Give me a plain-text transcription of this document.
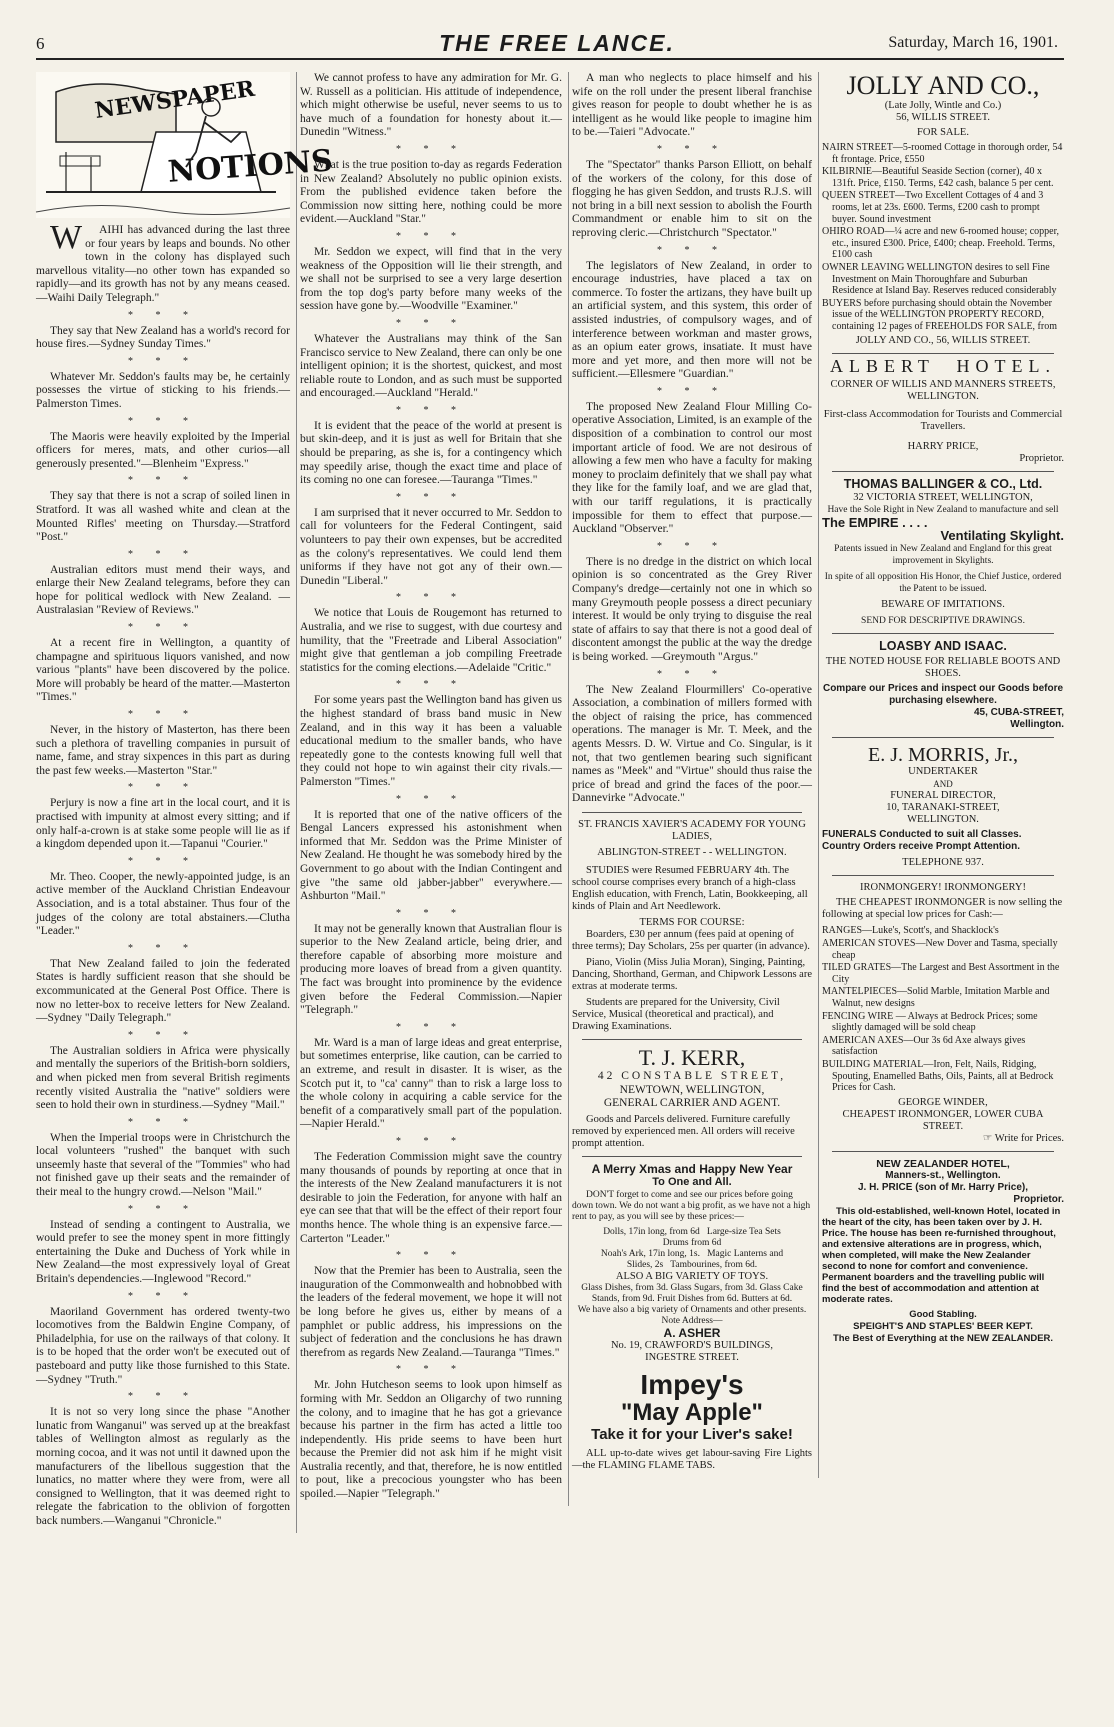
6	THE FREE LANCE.	Saturday, March 16, 1901.
NEWSPAPER
NOTIONS

WAIHI has advanced during the last three or four years by leaps and bounds. No other town in the colony has displayed such marvellous vitality—no other town has expanded so rapidly—and its growth has not by any means ceased.—Waihi Daily Telegraph."

* * *

They say that New Zealand has a world's record for house fires.—Sydney Sunday Times."

* * *

Whatever Mr. Seddon's faults may be, he certainly possesses the virtue of sticking to his friends.—Palmerston Times.

* * *

The Maoris were heavily exploited by the Imperial officers for meres, mats, and other curios—all generously presented."—Blenheim "Express."

* * *

They say that there is not a scrap of soiled linen in Stratford. It was all washed white and clean at the Mounted Rifles' meeting on Thursday.—Stratford "Post."

* * *

Australian editors must mend their ways, and enlarge their New Zealand telegrams, before they can hope for political wedlock with New Zealand. —Australasian "Review of Reviews."

* * *

At a recent fire in Wellington, a quantity of champagne and spirituous liquors vanished, and now various "plants" have been discovered by the police. More will probably be heard of the matter.—Masterton "Times."

* * *

Never, in the history of Masterton, has there been such a plethora of travelling companies in pursuit of name, fame, and stray sixpences in this part as during the past few weeks.—Masterton "Star."

* * *

Perjury is now a fine art in the local court, and it is practised with impunity at almost every sitting; and if only half-a-crown is at stake some people will lie as if a kingdom depended upon it.—Tapanui "Courier."

* * *

Mr. Theo. Cooper, the newly-appointed judge, is an active member of the Auckland Christian Endeavour Association, and is a total abstainer. Thus four of the judges of the colony are total abstainers.—Clutha "Leader."

* * *

That New Zealand failed to join the federated States is hardly sufficient reason that she should be excommunicated at the General Post Office. There is now no letter-box to receive letters for New Zealand.—Sydney "Daily Telegraph."

* * *

The Australian soldiers in Africa were physically and mentally the superiors of the British-born soldiers, and when picked men from several British regiments recently visited Australia the "native" soldiers were seen to hold their own in sturdiness.—Sydney "Mail."

* * *

When the Imperial troops were in Christchurch the local volunteers "rushed" the banquet with such unseemly haste that several of the "Tommies" who had not finished gave up their seats and the remainder of their meal to the hungry crowd.—Nelson "Mail."

* * *

Instead of sending a contingent to Australia, we would prefer to see the money spent in more fittingly entertaining the Duke and Duchess of York while in New Zealand—the most expressively loyal of Great Britain's dependencies.—Inglewood "Record."

* * *

Maoriland Government has ordered twenty-two locomotives from the Baldwin Engine Company, of Philadelphia, for use on the railways of that colony. It is to be hoped that the order won't be executed out of pasteboard and putty like those furnished to this State.—Sydney "Truth."

* * *

It is not so very long since the phase "Another lunatic from Wanganui" was served up at the breakfast tables of Wellington almost as regularly as the morning cocoa, and it was not until it dawned upon the manufacturers of the libellous suggestion that the lunatics, no matter where they were from, were all consigned to Wellington, that it was deemed right to relegate the fabrication to the oblivion of forgotten back numbers.—Wanganui "Chronicle."

We cannot profess to have any admiration for Mr. G. W. Russell as a politician. His attitude of independence, which might otherwise be useful, never seems to us to have much of a foundation for honesty about it.—Dunedin "Witness."

* * *

What is the true position to-day as regards Federation in New Zealand? Absolutely no public opinion exists. From the published evidence taken before the Commission now sitting here, nothing could be more evident.—Auckland "Star."

* * *

Mr. Seddon we expect, will find that in the very weakness of the Opposition will lie their strength, and we shall not be surprised to see a very large desertion from the top dog's party before many weeks of the session have gone by.—Woodville "Examiner."

* * *

Whatever the Australians may think of the San Francisco service to New Zealand, there can only be one intelligent opinion; it is the shortest, quickest, and most reliable route to London, and as such must be supported and encouraged.—Auckland "Herald."

* * *

It is evident that the peace of the world at present is but skin-deep, and it is just as well for Britain that she should be preparing, as she is, for a contingency which may speedily arise, though the exact time and place of its coming no one can foresee.—Tauranga "Times."

* * *

I am surprised that it never occurred to Mr. Seddon to call for volunteers for the Federal Contingent, said volunteers to pay their own expenses, but be accredited as the colony's representatives. We could lend them uniforms if they have not got any of their own.—Dunedin "Liberal."

* * *

We notice that Louis de Rougemont has returned to Australia, and we rise to suggest, with due courtesy and humility, that the "Freetrade and Liberal Association" might give that gentleman a job compiling Freetrade statistics for the coming elections.—Adelaide "Critic."

* * *

For some years past the Wellington band has given us the highest standard of brass band music in New Zealand, and in this way it has been a valuable educational medium to the smaller bands, who have repeatedly gone to the contests knowing full well that they could not hope to win against their city rivals.—Palmerston "Times."

* * *

It is reported that one of the native officers of the Bengal Lancers expressed his astonishment when informed that Mr. Seddon was the Prime Minister of New Zealand. He thought he was somebody hired by the Government to go about with the Indian Contingent and give "the same old jabber-jabber" everywhere.—Ashburton "Mail."

* * *

It may not be generally known that Australian flour is superior to the New Zealand article, being drier, and therefore capable of absorbing more moisture and producing more loaves of bread from a given quantity. The fact was brought into prominence by the evidence given before the Federal Commission.—Napier "Telegraph."

* * *

Mr. Ward is a man of large ideas and great enterprise, but sometimes enterprise, like caution, can be carried to an extreme, and result in disaster. It is wiser, as the Scotch put it, to "ca' canny" than to risk a large loss to the whole colony in acquiring a cable service for the benefit of a comparatively small part of the population.—Napier Herald."

* * *

The Federation Commission might save the country many thousands of pounds by reporting at once that in the interests of the New Zealand manufacturers it is not desirable to join the Federation, for anyone with half an eye can see that that will be the effect of their report four months hence. The whole thing is an expensive farce.—Carterton "Leader."

* * *

Now that the Premier has been to Australia, seen the inauguration of the Commonwealth and hobnobbed with the leaders of the federal movement, we hope it will not be long before he gives us, either by means of a pamphlet or public address, his impressions on the subject of federation and the conclusions he has drawn therefrom as regards New Zealand.—Tauranga "Times."

* * *

Mr. John Hutcheson seems to look upon himself as forming with Mr. Seddon an Oligarchy of two running the colony, and to imagine that he has got a grievance because his partner in the firm has acted a little too independently. His pride seems to have been hurt because the Premier did not ask him if he might visit Australia recently, and that, therefore, he is now entitled to pout, like a precocious youngster who has been spoiled.—Napier "Telegraph."

A man who neglects to place himself and his wife on the roll under the present liberal franchise gives reason for people to doubt whether he is as intelligent as he would like people to imagine him to be.—Taieri "Advocate."

* * *

The "Spectator" thanks Parson Elliott, on behalf of the workers of the colony, for this dose of flogging he has given Seddon, and trusts R.J.S. will not bring in a bill next session to abolish the Fourth Commandment or enable him to sit on the reproving cleric.—Christchurch "Spectator."

* * *

The legislators of New Zealand, in order to encourage industries, have placed a tax on commerce. To foster the artizans, they have built up an artificial system, and this system, this order of assisted industries, of compulsory wages, and of interference between workman and master grows, as an opium eater grows, insatiate. It must have more and yet more, and then more will not be sufficient.—Ellesmere "Guardian."

* * *

The proposed New Zealand Flour Milling Co-operative Association, Limited, is an example of the disposition of a combination to control our most important article of food. We are not desirous of allowing a few men who have a faculty for making money to proclaim definitely that we shall pay what they like for the family loaf, and we are glad that, with our tariff regulations, it is practically impossible for them to effect that purpose.—Auckland "Observer."

* * *

There is no dredge in the district on which local opinion is so concentrated as the Grey River Company's dredge—certainly not one in which so many Greymouth people possess a direct pecuniary interest. It would be only trying to disguise the real state of affairs to say that there is not a good deal of discontent amongst the public at the way the dredge is being worked. —Greymouth "Argus."

* * *

The New Zealand Flourmillers' Co-operative Association, a combination of millers formed with the object of raising the price, has commenced operations. The manager is Mr. T. Meek, and the agents Messrs. D. W. Virtue and Co. Singular, is it not, that two gentlemen bearing such significant names as "Meek" and "Virtue" should thus raise the price of bread and grind the faces of the poor.—Dannevirke "Advocate."

ST. FRANCIS XAVIER'S ACADEMY FOR YOUNG LADIES,
ABLINGTON-STREET - - WELLINGTON.

STUDIES were Resumed FEBRUARY 4th. The school course comprises every branch of a high-class English education, with French, Latin, Bookkeeping, all kinds of Plain and Art Needlework.

TERMS FOR COURSE:

Boarders, £30 per annum (fees paid at opening of three terms); Day Scholars, 25s per quarter (in advance).

Piano, Violin (Miss Julia Moran), Singing, Painting, Dancing, Shorthand, German, and Chipwork Lessons are extras at moderate terms.

Students are prepared for the University, Civil Service, Musical (theoretical and practical), and Drawing Examinations.

T. J. KERR,
42 CONSTABLE STREET,
NEWTOWN, WELLINGTON,
GENERAL CARRIER AND AGENT.

Goods and Parcels delivered. Furniture carefully removed by experienced men. All orders will receive prompt attention.

A Merry Xmas and Happy New Year
To One and All.

DON'T forget to come and see our prices before going down town. We do not want a big profit, as we have not a high rent to pay, as you will see by these prices:—

Dolls, 17in long, from 6d Large-size Tea Sets
Drums from 6d
Noah's Ark, 17in long, 1s. Magic Lanterns and
Slides, 2s Tambourines, from 6d.
ALSO A BIG VARIETY OF TOYS.
Glass Dishes, from 3d. Glass Sugars, from 3d. Glass Cake Stands, from 9d. Fruit Dishes from 6d. Butters at 6d.
We have also a big variety of Ornaments and other presents. Note Address—
A. ASHER
No. 19, CRAWFORD'S BUILDINGS,
INGESTRE STREET.
Impey's
"May Apple"
Take it for your Liver's sake!

ALL up-to-date wives get labour-saving Fire Lights—the FLAMING FLAME TABS.

JOLLY AND CO.,
(Late Jolly, Wintle and Co.)
56, WILLIS STREET.
FOR SALE.
NAIRN STREET—5-roomed Cottage in thorough order, 54 ft frontage. Price, £550
KILBIRNIE—Beautiful Seaside Section (corner), 40 x 131ft. Price, £150. Terms, £42 cash, balance 5 per cent.
QUEEN STREET—Two Excellent Cottages of 4 and 3 rooms, let at 23s. £600. Terms, £200 cash to prompt buyer. Sound investment
OHIRO ROAD—¼ acre and new 6-roomed house; copper, etc., insured £300. Price, £400; cheap. Freehold. Terms, £100 cash
OWNER LEAVING WELLINGTON desires to sell Fine Investment on Main Thoroughfare and Suburban Residence at Island Bay. Reserves reduced considerably
BUYERS before purchasing should obtain the November issue of the WELLINGTON PROPERTY RECORD, containing 12 pages of FREEHOLDS FOR SALE, from
JOLLY AND CO., 56, WILLIS STREET.
ALBERT HOTEL.
CORNER OF WILLIS AND MANNERS STREETS, WELLINGTON.
First-class Accommodation for Tourists and Commercial Travellers.
HARRY PRICE,
Proprietor.
THOMAS BALLINGER & CO., Ltd.
32 VICTORIA STREET, WELLINGTON,
Have the Sole Right in New Zealand to manufacture and sell
The EMPIRE . . . .
Ventilating Skylight.
Patents issued in New Zealand and England for this great improvement in Skylights.
In spite of all opposition His Honor, the Chief Justice, ordered the Patent to be issued.
BEWARE OF IMITATIONS.
SEND FOR DESCRIPTIVE DRAWINGS.
LOASBY AND ISAAC.
THE NOTED HOUSE FOR RELIABLE BOOTS AND SHOES.
Compare our Prices and inspect our Goods before purchasing elsewhere.
45, CUBA-STREET,
Wellington.
E. J. MORRIS, Jr.,
UNDERTAKER
AND
FUNERAL DIRECTOR,
10, TARANAKI-STREET,
WELLINGTON.
FUNERALS Conducted to suit all Classes.
Country Orders receive Prompt Attention.
TELEPHONE 937.
IRONMONGERY! IRONMONGERY!

THE CHEAPEST IRONMONGER is now selling the following at special low prices for Cash:—

RANGES—Luke's, Scott's, and Shacklock's
AMERICAN STOVES—New Dover and Tasma, specially cheap
TILED GRATES—The Largest and Best Assortment in the City
MANTELPIECES—Solid Marble, Imitation Marble and Walnut, new designs
FENCING WIRE — Always at Bedrock Prices; some slightly damaged will be sold cheap
AMERICAN AXES—Our 3s 6d Axe always gives satisfaction
BUILDING MATERIAL—Iron, Felt, Nails, Ridging, Spouting, Enamelled Baths, Oils, Paints, all at Bedrock Prices for Cash.
GEORGE WINDER,
CHEAPEST IRONMONGER, LOWER CUBA STREET.
☞ Write for Prices.
NEW ZEALANDER HOTEL,
Manners-st., Wellington.
J. H. PRICE (son of Mr. Harry Price),
Proprietor.

This old-established, well-known Hotel, located in the heart of the city, has been taken over by J. H. Price. The house has been re-furnished throughout, and extensive alterations are in progress, which, when completed, will make the New Zealander second to none for comfort and convenience. Permanent boarders and the travelling public will find the best of accommodation and attention at moderate rates.

Good Stabling.
SPEIGHT'S AND STAPLES' BEER KEPT.
The Best of Everything at the NEW ZEALANDER.
